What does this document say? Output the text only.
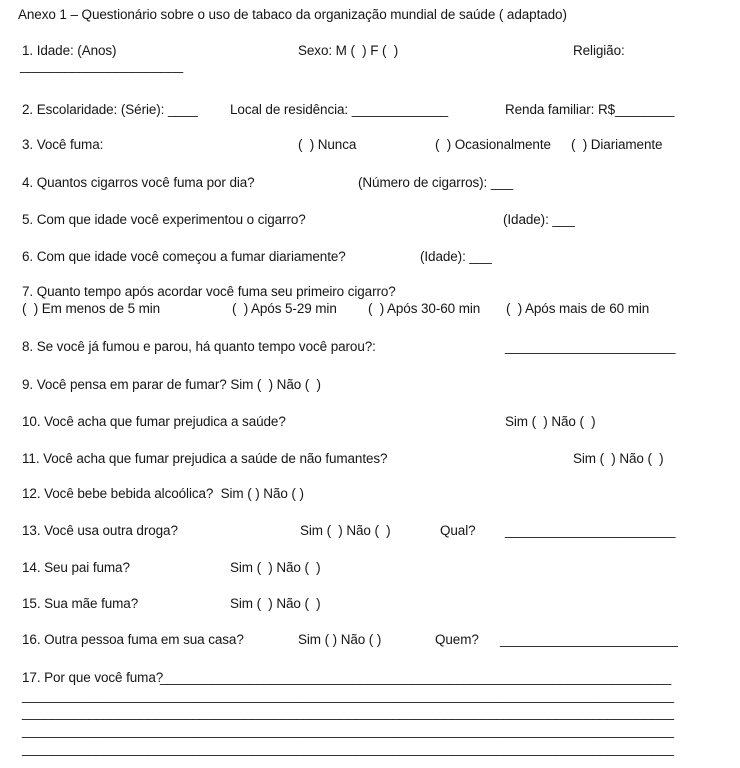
Anexo 1 – Questionário sobre o uso de tabaco da organização mundial de saúde ( adaptado)
1. Idade: (Anos)	Sexo: M (  ) F (  )	Religião:
______________________
2. Escolaridade: (Série): ____ Local de residência: _____________	Renda familiar: R$________
3. Você fuma:	(  ) Nunca	(  ) Ocasionalmente (  ) Diariamente
4. Quantos cigarros você fuma por dia?	(Número de cigarros): ___
5. Com que idade você experimentou o cigarro?	(Idade): ___
6. Com que idade você começou a fumar diariamente?	(Idade): ___
7. Quanto tempo após acordar você fuma seu primeiro cigarro?
(  ) Em menos de 5 min	(  ) Após 5-29 min (  ) Após 30-60 min (  ) Após mais de 60 min
8. Se você já fumou e parou, há quanto tempo você parou?:	_______________________
9. Você pensa em parar de fumar? Sim (  ) Não (  )
10. Você acha que fumar prejudica a saúde?	Sim (  ) Não (  )
11. Você acha que fumar prejudica a saúde de não fumantes?	Sim (  ) Não (  )
12. Você bebe bebida alcoólica?  Sim ( ) Não ( )
13. Você usa outra droga?	Sim (  ) Não (  )	Qual? _______________________
14. Seu pai fuma?	Sim (  ) Não (  )
15. Sua mãe fuma?	Sim (  ) Não (  )
16. Outra pessoa fuma em sua casa?	Sim ( ) Não ( )	Quem? ________________________
17. Por que você fuma?
_____________________________________________________________________
________________________________________________________________________________________
________________________________________________________________________________________
________________________________________________________________________________________
________________________________________________________________________________________
